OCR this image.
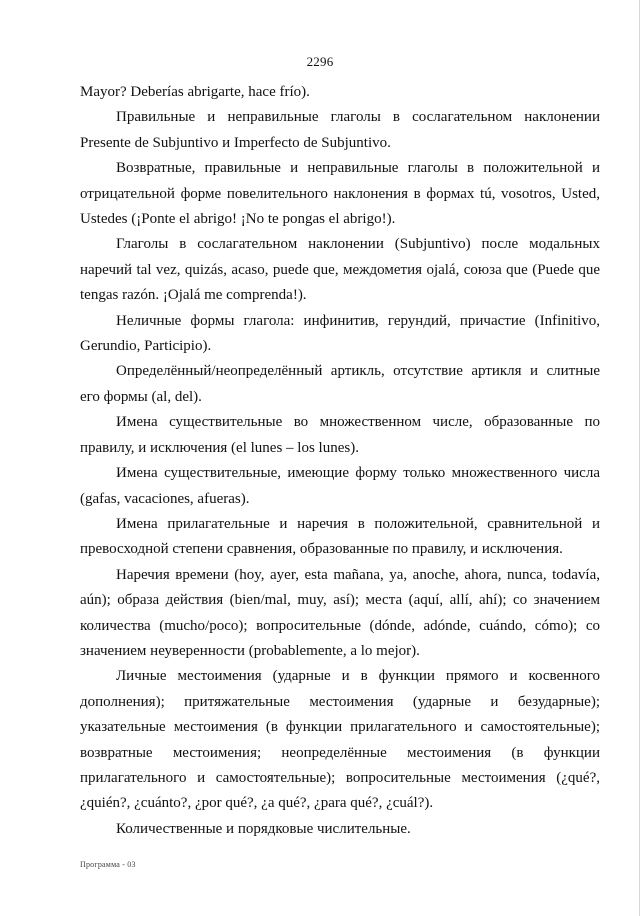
2296

Mayor? Deberías abrigarte, hace frío).

Правильные и неправильные глаголы в сослагательном наклонении Presente de Subjuntivo и Imperfecto de Subjuntivo.

Возвратные, правильные и неправильные глаголы в положительной и отрицательной форме повелительного наклонения в формах tú, vosotros, Usted, Ustedes (¡Ponte el abrigo! ¡No te pongas el abrigo!).

Глаголы в сослагательном наклонении (Subjuntivo) после модальных наречий tal vez, quizás, acaso, puede que, междометия ojalá, союза que (Puede que tengas razón. ¡Ojalá me comprenda!).

Неличные формы глагола: инфинитив, герундий, причастие (Infinitivo, Gerundio, Participio).

Определённый/неопределённый артикль, отсутствие артикля и слитные его формы (al, del).

Имена существительные во множественном числе, образованные по правилу, и исключения (el lunes – los lunes).

Имена существительные, имеющие форму только множественного числа (gafas, vacaciones, afueras).

Имена прилагательные и наречия в положительной, сравнительной и превосходной степени сравнения, образованные по правилу, и исключения.

Наречия времени (hoy, ayer, esta mañana, ya, anoche, ahora, nunca, todavía, aún); образа действия (bien/mal, muy, así); места (aquí, allí, ahí); со значением количества (mucho/poco); вопросительные (dónde, adónde, cuándo, cómo); со значением неуверенности (probablemente, a lo mejor).

Личные местоимения (ударные и в функции прямого и косвенного дополнения); притяжательные местоимения (ударные и безударные); указательные местоимения (в функции прилагательного и самостоятельные); возвратные местоимения; неопределённые местоимения (в функции прилагательного и самостоятельные); вопросительные местоимения (¿qué?, ¿quién?, ¿cuánto?, ¿por qué?, ¿a qué?, ¿para qué?, ¿cuál?).

Количественные и порядковые числительные.

Программа - 03
